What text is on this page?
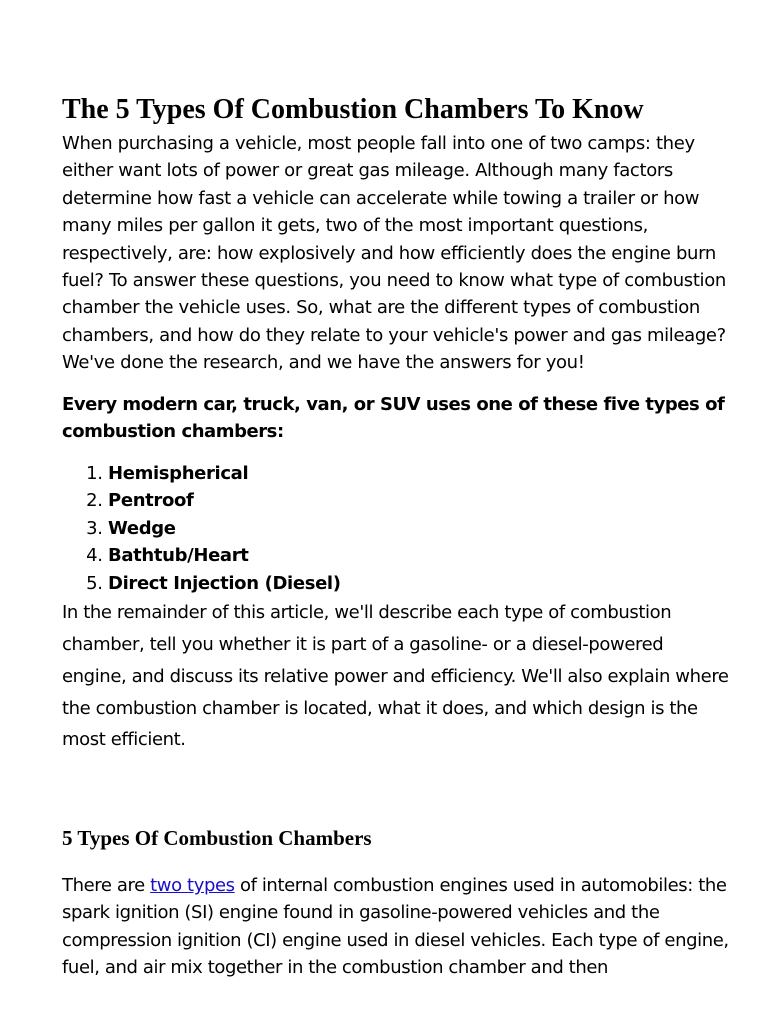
The 5 Types Of Combustion Chambers To Know

When purchasing a vehicle, most people fall into one of two camps: they either want lots of power or great gas mileage. Although many factors determine how fast a vehicle can accelerate while towing a trailer or how many miles per gallon it gets, two of the most important questions, respectively, are: how explosively and how efficiently does the engine burn fuel? To answer these questions, you need to know what type of combustion chamber the vehicle uses. So, what are the different types of combustion chambers, and how do they relate to your vehicle's power and gas mileage? We've done the research, and we have the answers for you!

Every modern car, truck, van, or SUV uses one of these five types of combustion chambers:

1. Hemispherical
2. Pentroof
3. Wedge
4. Bathtub/Heart
5. Direct Injection (Diesel)

In the remainder of this article, we'll describe each type of combustion chamber, tell you whether it is part of a gasoline- or a diesel-powered engine, and discuss its relative power and efficiency. We'll also explain where the combustion chamber is located, what it does, and which design is the most efficient.

5 Types Of Combustion Chambers

There are two types of internal combustion engines used in automobiles: the spark ignition (SI) engine found in gasoline-powered vehicles and the compression ignition (CI) engine used in diesel vehicles. Each type of engine, fuel, and air mix together in the combustion chamber and then
